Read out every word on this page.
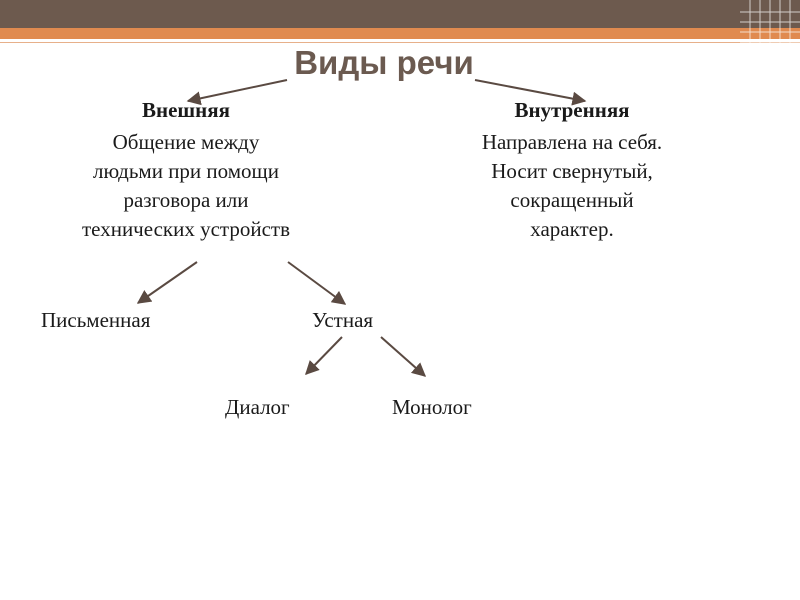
Виды речи
Внешняя
Общение между
людьми при помощи
разговора или
технических устройств
Внутренняя
Направлена на себя.
Носит свернутый,
сокращенный
характер.
Письменная	Устная
Диалог	Монолог
